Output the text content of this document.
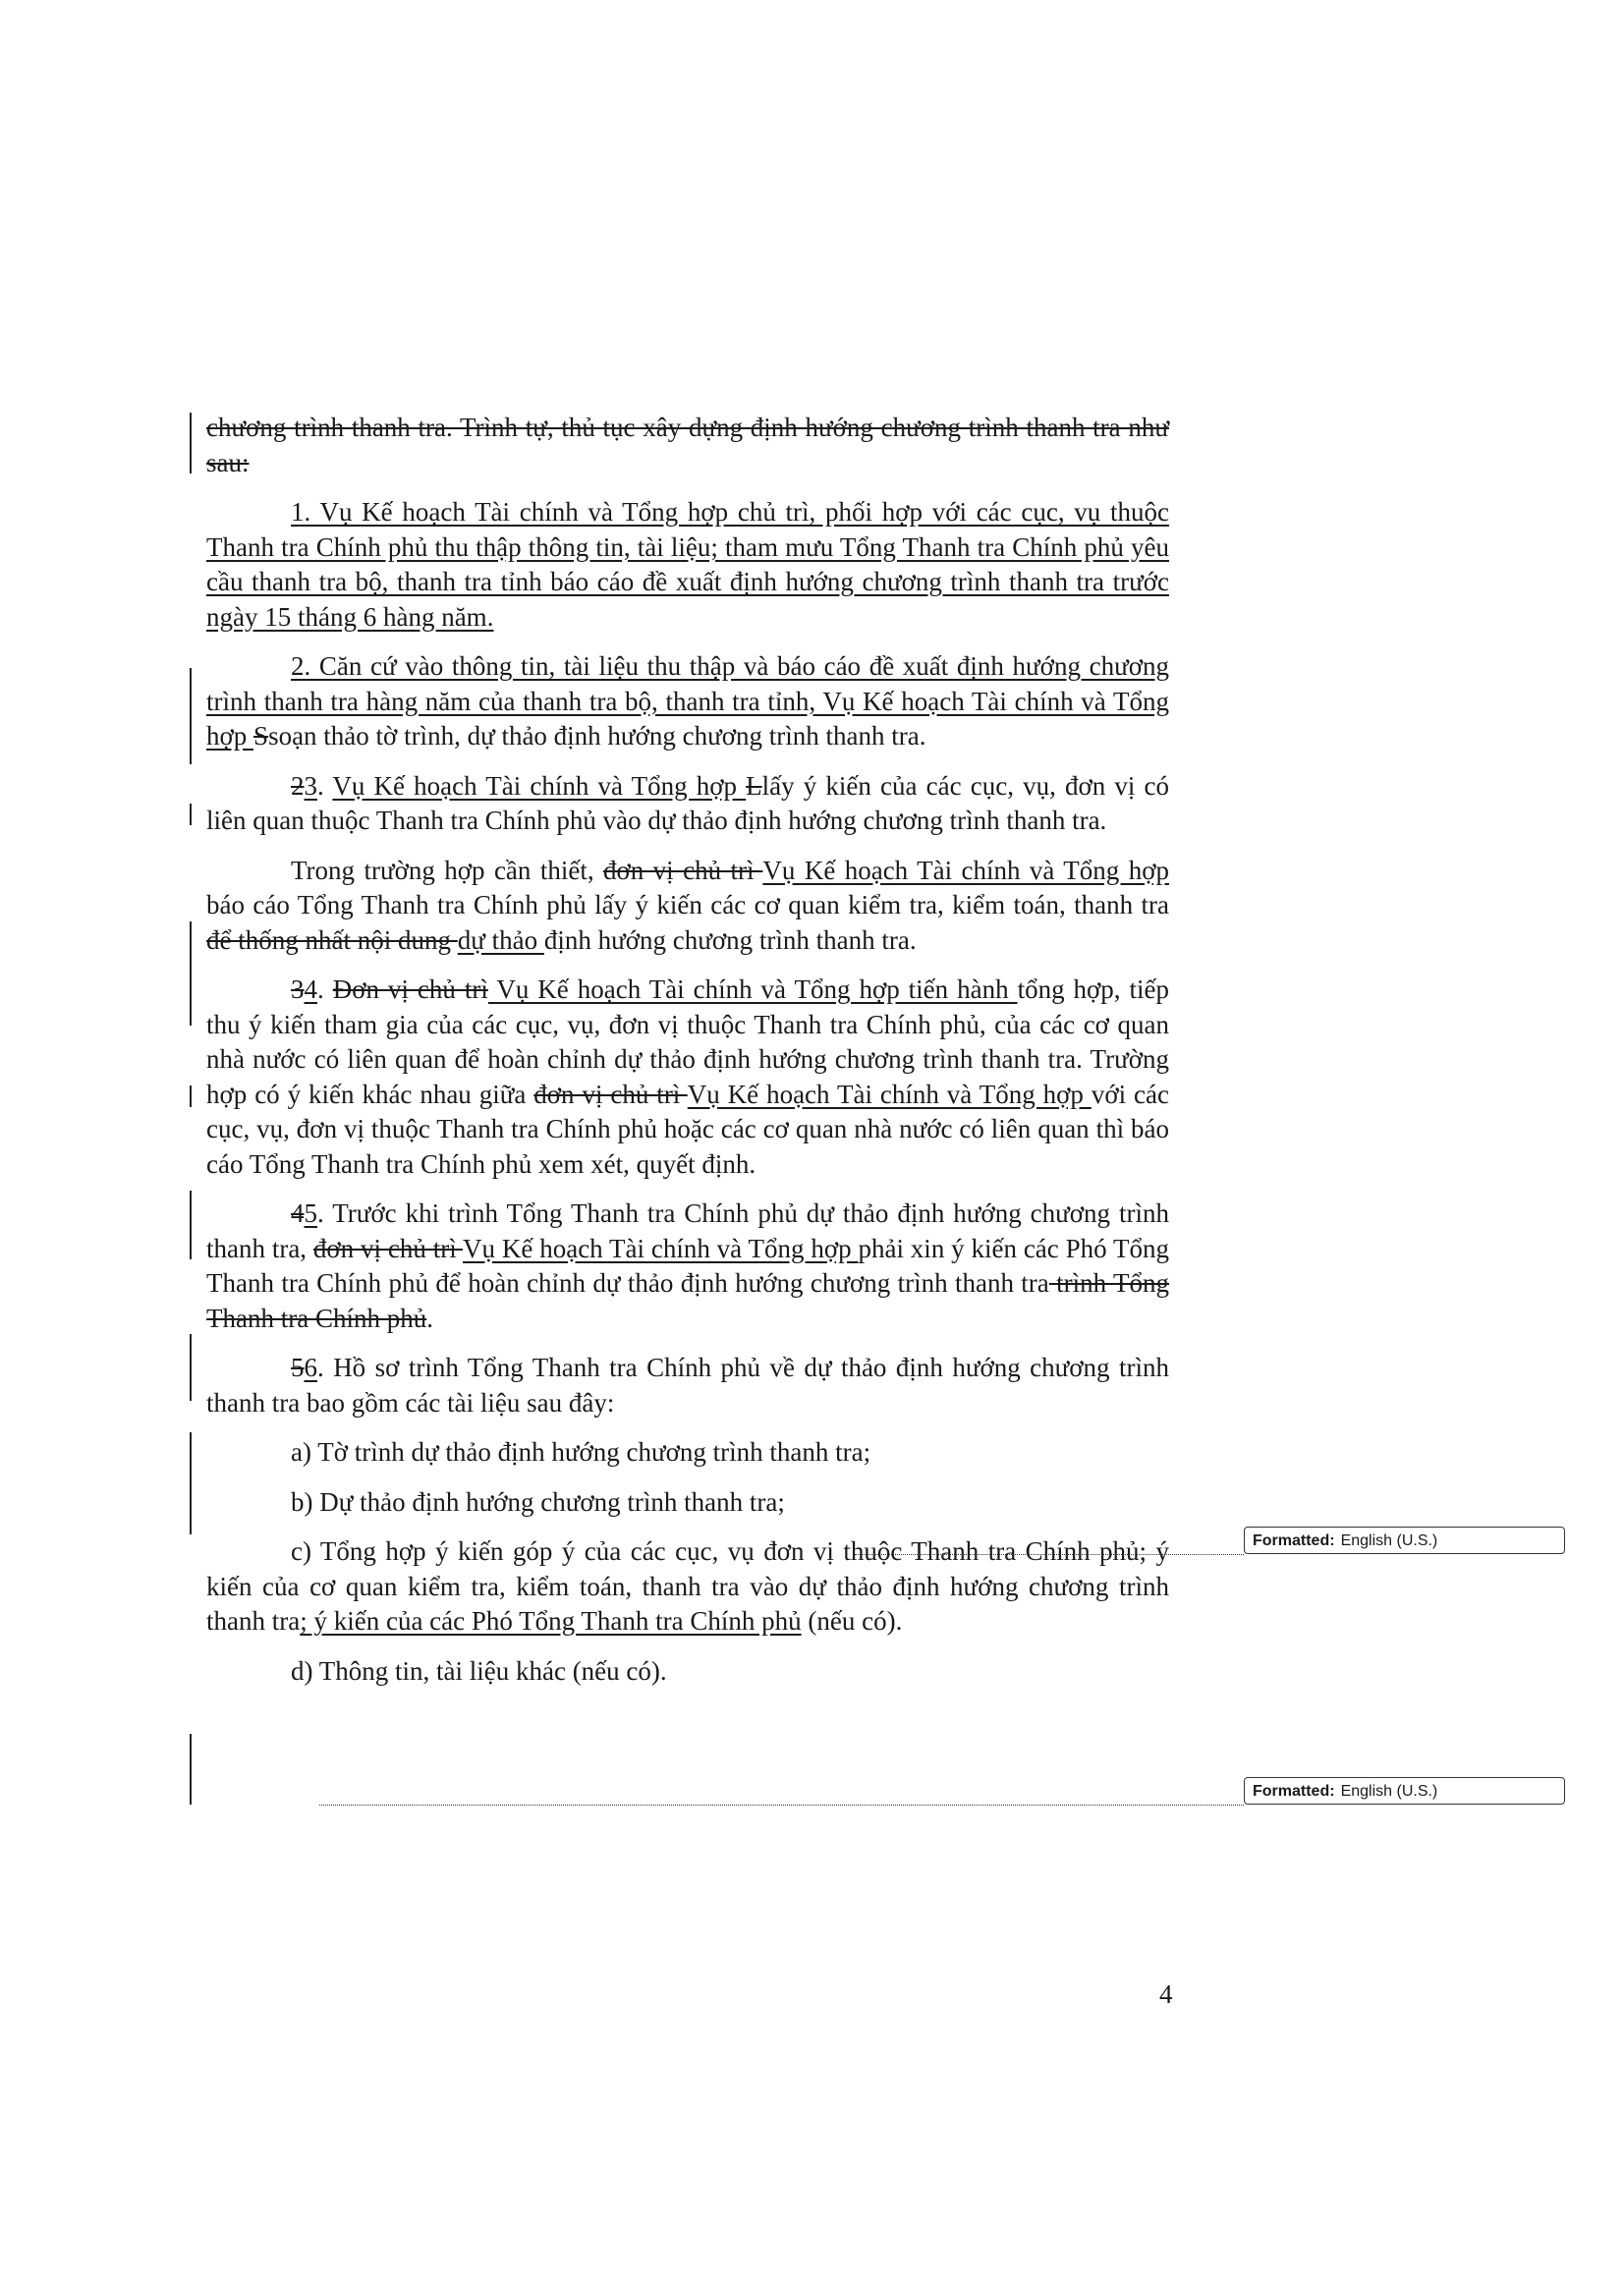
chương trình thanh tra. Trình tự, thủ tục xây dựng định hướng chương trình thanh tra như sau:

1. Vụ Kế hoạch Tài chính và Tổng hợp chủ trì, phối hợp với các cục, vụ thuộc Thanh tra Chính phủ thu thập thông tin, tài liệu; tham mưu Tổng Thanh tra Chính phủ yêu cầu thanh tra bộ, thanh tra tỉnh báo cáo đề xuất định hướng chương trình thanh tra trước ngày 15 tháng 6 hàng năm.

2. Căn cứ vào thông tin, tài liệu thu thập và báo cáo đề xuất định hướng chương trình thanh tra hàng năm của thanh tra bộ, thanh tra tỉnh, Vụ Kế hoạch Tài chính và Tổng hợp Ssoạn thảo tờ trình, dự thảo định hướng chương trình thanh tra.

23. Vụ Kế hoạch Tài chính và Tổng hợp Llấy ý kiến của các cục, vụ, đơn vị có liên quan thuộc Thanh tra Chính phủ vào dự thảo định hướng chương trình thanh tra.

Trong trường hợp cần thiết, đơn vị chủ trì Vụ Kế hoạch Tài chính và Tổng hợp báo cáo Tổng Thanh tra Chính phủ lấy ý kiến các cơ quan kiểm tra, kiểm toán, thanh tra để thống nhất nội dung dự thảo định hướng chương trình thanh tra.

34. Đơn vị chủ trì Vụ Kế hoạch Tài chính và Tổng hợp tiến hành tổng hợp, tiếp thu ý kiến tham gia của các cục, vụ, đơn vị thuộc Thanh tra Chính phủ, của các cơ quan nhà nước có liên quan để hoàn chỉnh dự thảo định hướng chương trình thanh tra. Trường hợp có ý kiến khác nhau giữa đơn vị chủ trì Vụ Kế hoạch Tài chính và Tổng hợp với các cục, vụ, đơn vị thuộc Thanh tra Chính phủ hoặc các cơ quan nhà nước có liên quan thì báo cáo Tổng Thanh tra Chính phủ xem xét, quyết định.

45. Trước khi trình Tổng Thanh tra Chính phủ dự thảo định hướng chương trình thanh tra, đơn vị chủ trì Vụ Kế hoạch Tài chính và Tổng hợp phải xin ý kiến các Phó Tổng Thanh tra Chính phủ để hoàn chỉnh dự thảo định hướng chương trình thanh tra trình Tổng Thanh tra Chính phủ.

56. Hồ sơ trình Tổng Thanh tra Chính phủ về dự thảo định hướng chương trình thanh tra bao gồm các tài liệu sau đây:

a) Tờ trình dự thảo định hướng chương trình thanh tra;

b) Dự thảo định hướng chương trình thanh tra;

c) Tổng hợp ý kiến góp ý của các cục, vụ đơn vị thuộc Thanh tra Chính phủ; ý kiến của cơ quan kiểm tra, kiểm toán, thanh tra vào dự thảo định hướng chương trình thanh tra; ý kiến của các Phó Tổng Thanh tra Chính phủ (nếu có).

d) Thông tin, tài liệu khác (nếu có).

Formatted: English (U.S.)
Formatted: English (U.S.)
4
